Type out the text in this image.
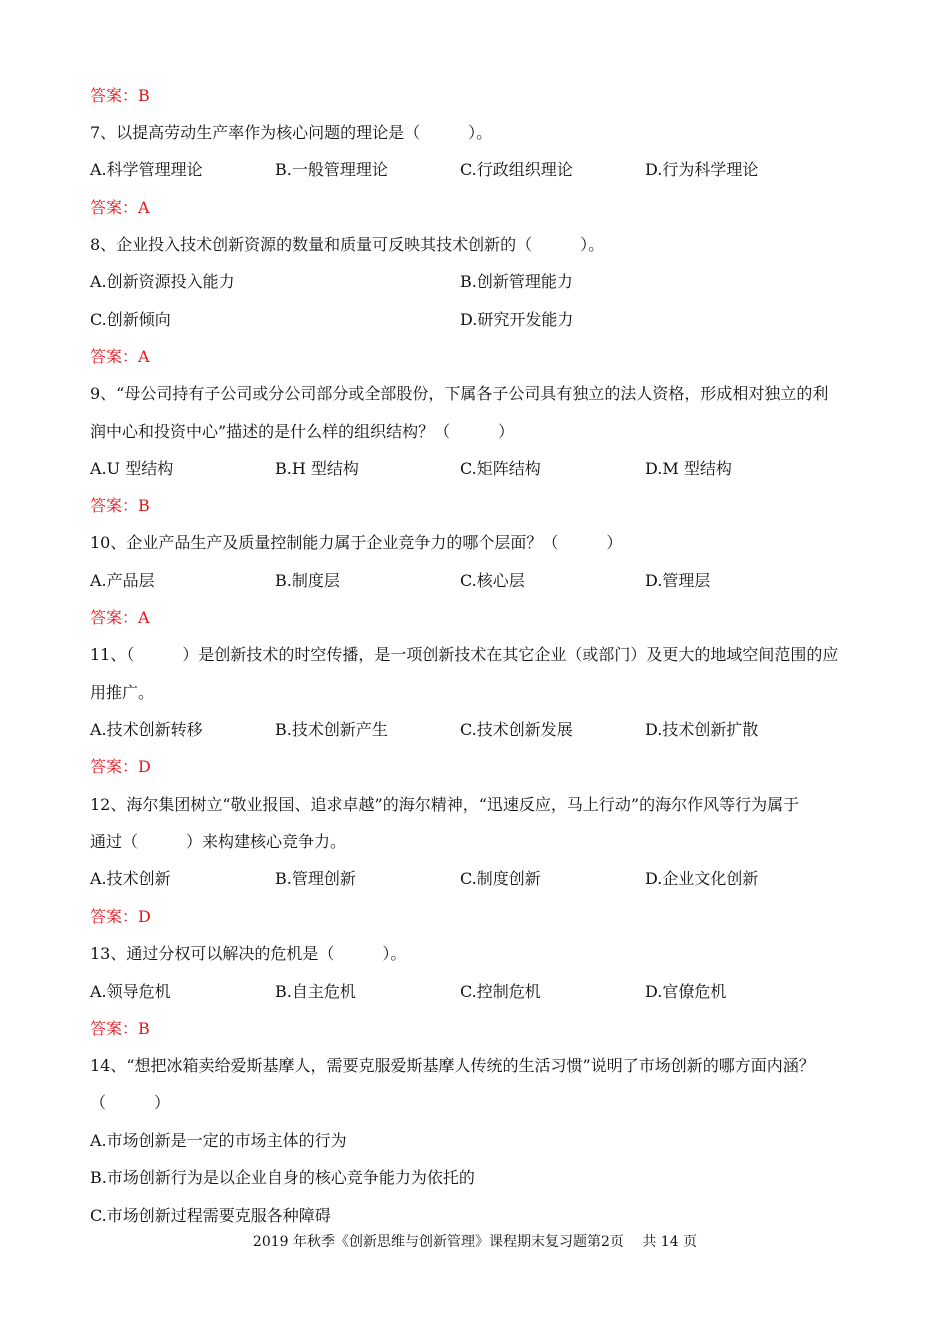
答案：B
7、以提高劳动生产率作为核心问题的理论是（　　　）。
A.科学管理理论	B.一般管理理论	C.行政组织理论	D.行为科学理论
答案：A
8、企业投入技术创新资源的数量和质量可反映其技术创新的（　　　）。
A.创新资源投入能力	B.创新管理能力
C.创新倾向	D.研究开发能力
答案：A
9、“母公司持有子公司或分公司部分或全部股份，下属各子公司具有独立的法人资格，形成相对独立的利
润中心和投资中心”描述的是什么样的组织结构？（　　　）
A.U 型结构	B.H 型结构	C.矩阵结构	D.M 型结构
答案：B
10、企业产品生产及质量控制能力属于企业竞争力的哪个层面？（　　　）
A.产品层	B.制度层	C.核心层	D.管理层
答案：A
11、（　　　）是创新技术的时空传播，是一项创新技术在其它企业（或部门）及更大的地域空间范围的应
用推广。
A.技术创新转移	B.技术创新产生	C.技术创新发展	D.技术创新扩散
答案：D
12、海尔集团树立“敬业报国、追求卓越”的海尔精神，“迅速反应，马上行动”的海尔作风等行为属于
通过（　　　）来构建核心竞争力。
A.技术创新	B.管理创新	C.制度创新	D.企业文化创新
答案：D
13、通过分权可以解决的危机是（　　　）。
A.领导危机	B.自主危机	C.控制危机	D.官僚危机
答案：B
14、“想把冰箱卖给爱斯基摩人，需要克服爱斯基摩人传统的生活习惯”说明了市场创新的哪方面内涵？
（　　　）
A.市场创新是一定的市场主体的行为
B.市场创新行为是以企业自身的核心竞争能力为依托的
C.市场创新过程需要克服各种障碍
2019 年秋季《创新思维与创新管理》课程期末复习题第2页　 共 14 页
